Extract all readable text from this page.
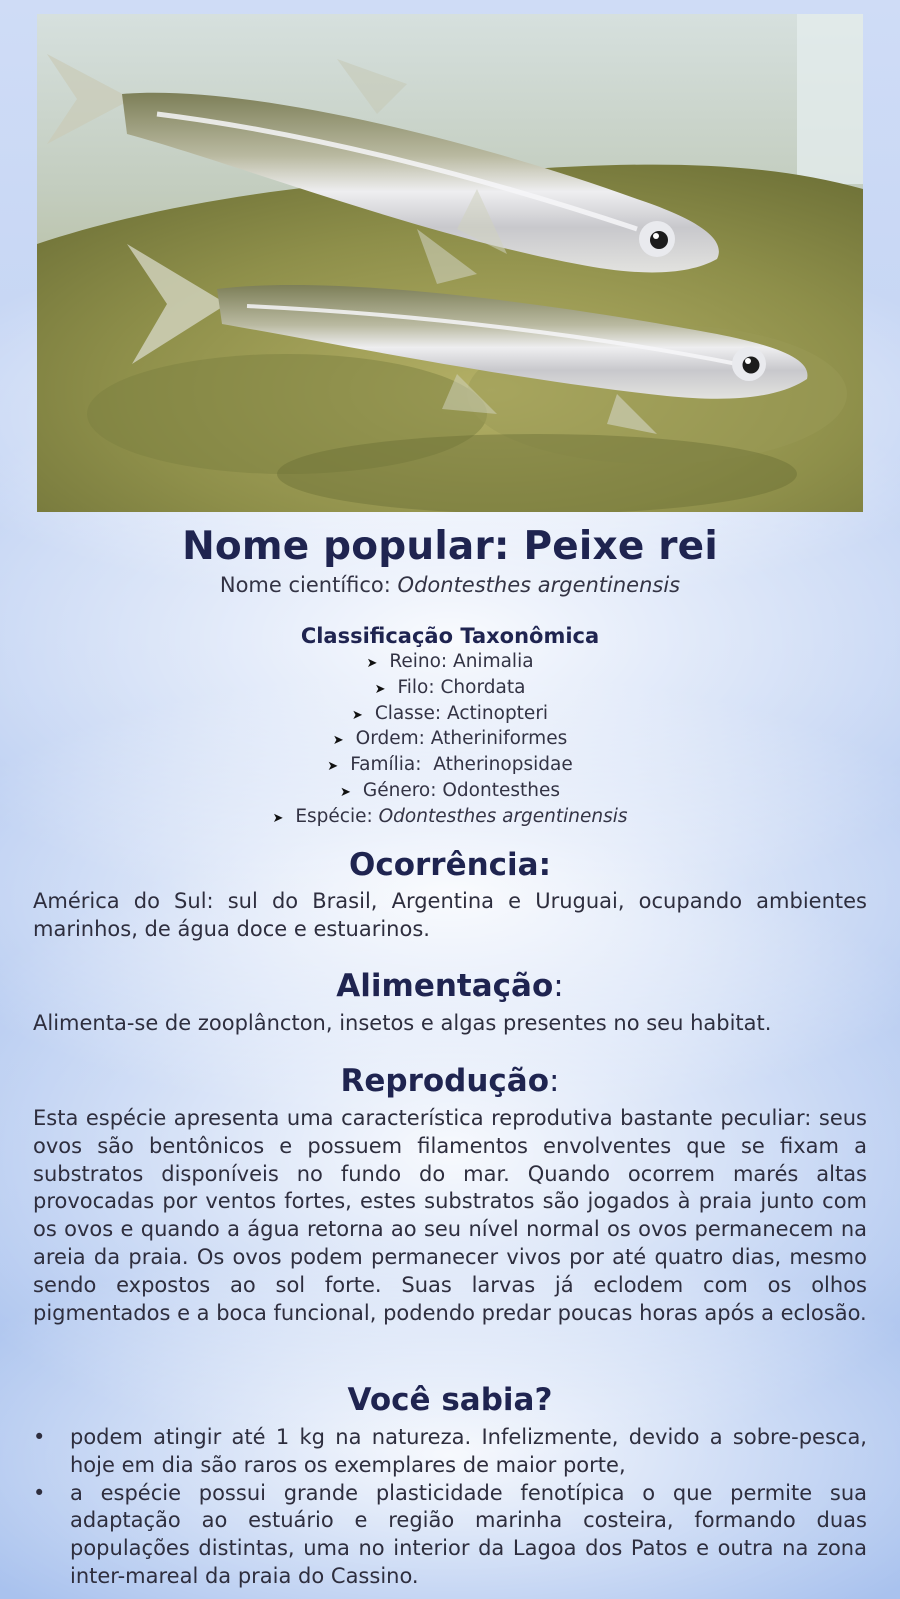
Nome popular: Peixe rei
Nome científico: Odontesthes argentinensis
Classificação Taxonômica
➤ Reino: Animalia
➤ Filo: Chordata
➤ Classe: Actinopteri
➤ Ordem: Atheriniformes
➤ Família:  Atherinopsidae
➤ Género: Odontesthes
➤ Espécie: Odontesthes argentinensis
Ocorrência:

América do Sul: sul do Brasil, Argentina e Uruguai, ocupando ambientes marinhos, de água doce e estuarinos.

Alimentação:

Alimenta-se de zooplâncton, insetos e algas presentes no seu habitat.

Reprodução:

Esta espécie apresenta uma característica reprodutiva bastante peculiar: seus ovos são bentônicos e possuem filamentos envolventes que se fixam a substratos disponíveis no fundo do mar. Quando ocorrem marés altas provocadas por ventos fortes, estes substratos são jogados à praia junto com os ovos e quando a água retorna ao seu nível normal os ovos permanecem na areia da praia. Os ovos podem permanecer vivos por até quatro dias, mesmo sendo expostos ao sol forte. Suas larvas já eclodem com os olhos pigmentados e a boca funcional, podendo predar poucas horas após a eclosão.

Você sabia?
•	podem atingir até 1 kg na natureza. Infelizmente, devido a sobre-pesca, hoje em dia são raros os exemplares de maior porte,
•	a espécie possui grande plasticidade fenotípica o que permite sua adaptação ao estuário e região marinha costeira, formando duas populações distintas, uma no interior da Lagoa dos Patos e outra na zona inter-mareal da praia do Cassino.
